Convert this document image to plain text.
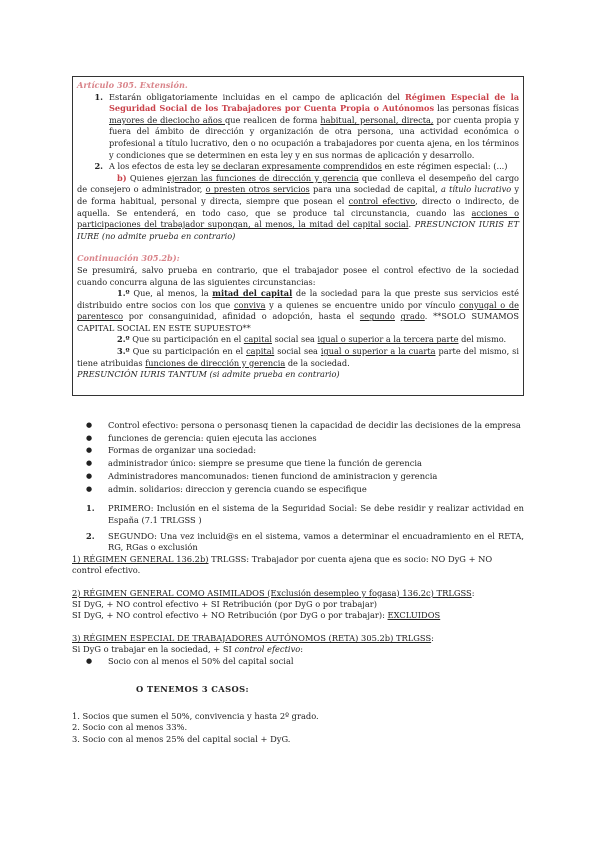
Artículo 305. Extensión.

1. Estarán obligatoriamente incluidas en el campo de aplicación del Régimen Especial de la Seguridad Social de los Trabajadores por Cuenta Propia o Autónomos las personas físicas mayores de dieciocho años que realicen de forma habitual, personal, directa, por cuenta propia y fuera del ámbito de dirección y organización de otra persona, una actividad económica o profesional a título lucrativo, den o no ocupación a trabajadores por cuenta ajena, en los términos y condiciones que se determinen en esta ley y en sus normas de aplicación y desarrollo.
2. A los efectos de esta ley se declaran expresamente comprendidos en este régimen especial: (...)

b) Quienes ejerzan las funciones de dirección y gerencia que conlleva el desempeño del cargo de consejero o administrador, o presten otros servicios para una sociedad de capital, a título lucrativo y de forma habitual, personal y directa, siempre que posean el control efectivo, directo o indirecto, de aquella. Se entenderá, en todo caso, que se produce tal circunstancia, cuando las acciones o participaciones del trabajador supongan, al menos, la mitad del capital social. PRESUNCION IURIS ET IURE (no admite prueba en contrario)

Continuación 305.2b):

Se presumirá, salvo prueba en contrario, que el trabajador posee el control efectivo de la sociedad cuando concurra alguna de las siguientes circunstancias:

1.º Que, al menos, la mitad del capital de la sociedad para la que preste sus servicios esté distribuido entre socios con los que conviva y a quienes se encuentre unido por vínculo conyugal o de parentesco por consanguinidad, afinidad o adopción, hasta el segundo grado. **SOLO SUMAMOS CAPITAL SOCIAL EN ESTE SUPUESTO**

2.º Que su participación en el capital social sea igual o superior a la tercera parte del mismo.

3.º Que su participación en el capital social sea igual o superior a la cuarta parte del mismo, si tiene atribuidas funciones de dirección y gerencia de la sociedad.

PRESUNCIÓN IURIS TANTUM (si admite prueba en contrario)

●	Control efectivo: persona o personasq tienen la capacidad de decidir las decisiones de la empresa
●	funciones de gerencia: quien ejecuta las acciones
●	Formas de organizar una sociedad:
●	administrador único: siempre se presume que tiene la función de gerencia
●	Administradores mancomunados: tienen funciond de aministracion y gerencia
●	admin. solidarios: direccion y gerencia cuando se especifique
1.	PRIMERO: Inclusión en el sistema de la Seguridad Social: Se debe residir y realizar actividad en España (7.1 TRLGSS )
2.	SEGUNDO: Una vez incluid@s en el sistema, vamos a determinar el encuadramiento en el RETA, RG, RGas o exclusión

1) RÉGIMEN GENERAL 136.2b) TRLGSS: Trabajador por cuenta ajena que es socio: NO DyG + NO control efectivo.

2) RÉGIMEN GENERAL COMO ASIMILADOS (Exclusión desempleo y fogasa) 136.2c) TRLGSS:

SI DyG, + NO control efectivo + SI Retribución (por DyG o por trabajar)

SI DyG, + NO control efectivo + NO Retribución (por DyG o por trabajar): EXCLUIDOS

3) RÉGIMEN ESPECIAL DE TRABAJADORES AUTÓNOMOS (RETA) 305.2b) TRLGSS:

Si DyG o trabajar en la sociedad, + SI control efectivo:

●	Socio con al menos el 50% del capital social

O TENEMOS 3 CASOS:

1. Socios que sumen el 50%, convivencia y hasta 2º grado.

2. Socio con al menos 33%.

3. Socio con al menos 25% del capital social + DyG.
